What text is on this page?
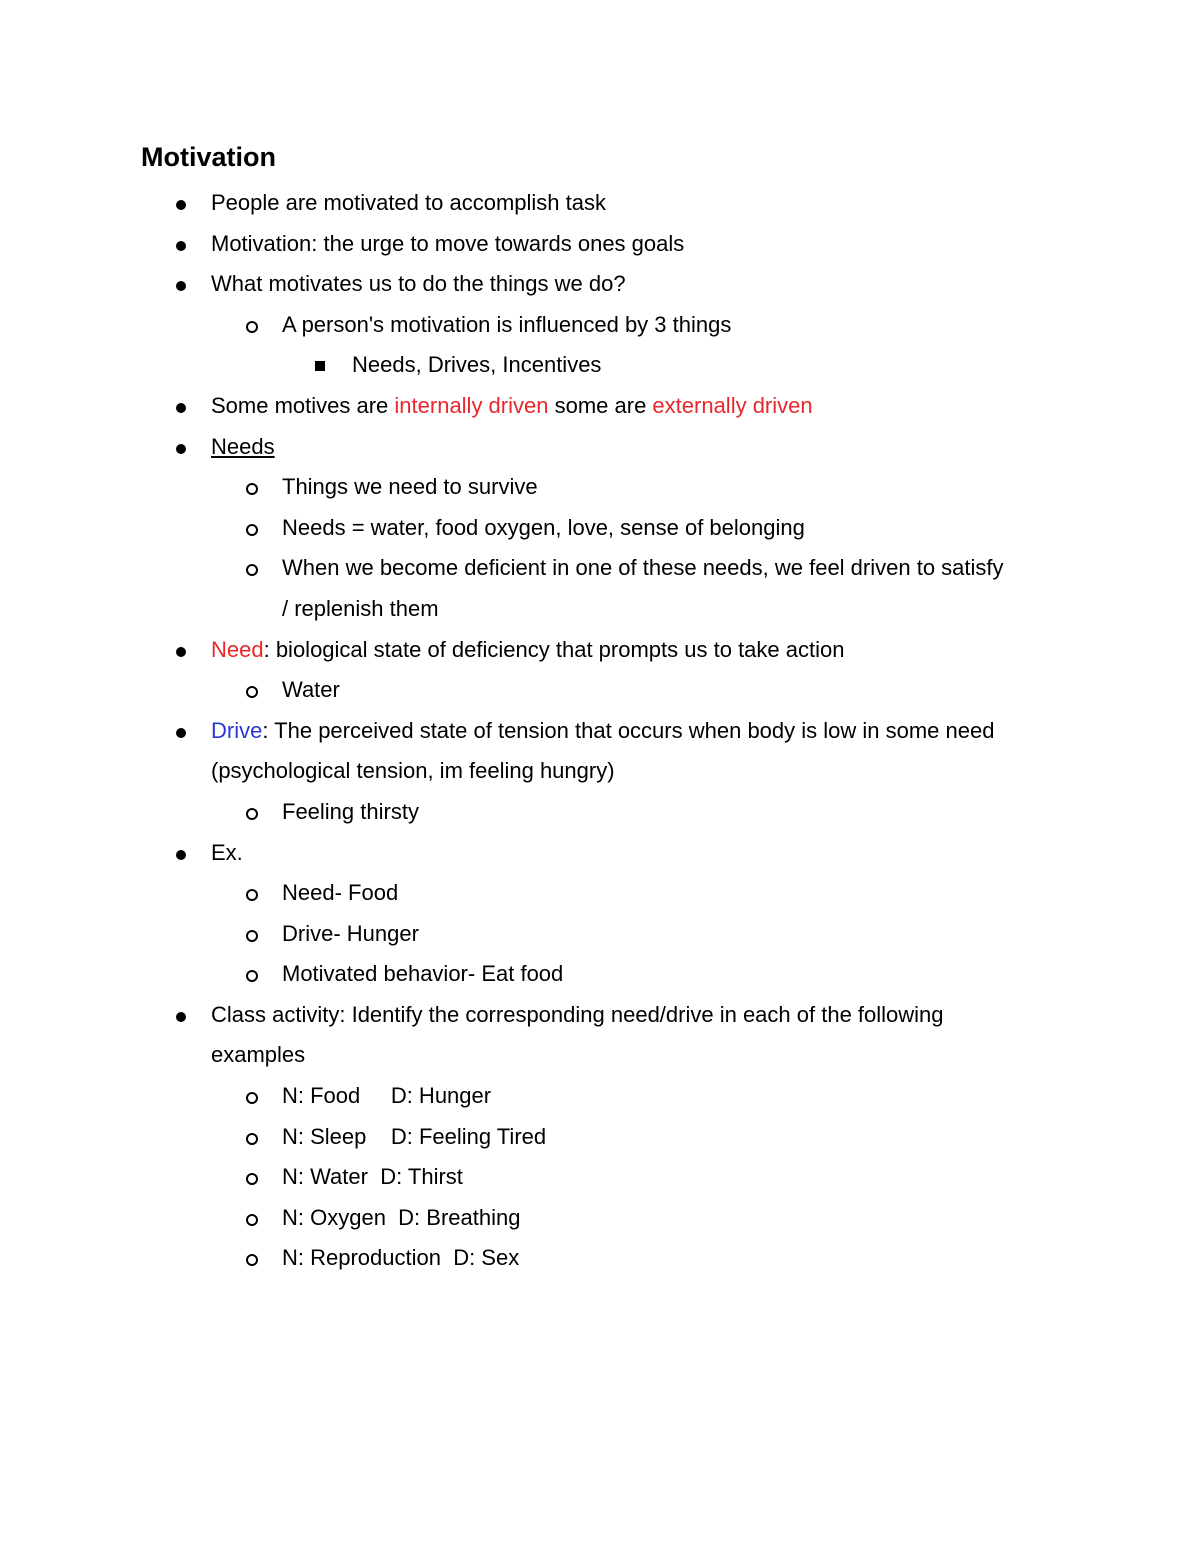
Motivation
People are motivated to accomplish task
Motivation: the urge to move towards ones goals
What motivates us to do the things we do?
A person's motivation is influenced by 3 things
Needs, Drives, Incentives
Some motives are internally driven some are externally driven
Needs
Things we need to survive
Needs = water, food oxygen, love, sense of belonging
When we become deficient in one of these needs, we feel driven to satisfy
/ replenish them
Need: biological state of deficiency that prompts us to take action
Water
Drive: The perceived state of tension that occurs when body is low in some need
(psychological tension, im feeling hungry)
Feeling thirsty
Ex.
Need- Food
Drive- Hunger
Motivated behavior- Eat food
Class activity: Identify the corresponding need/drive in each of the following
examples
N: Food     D: Hunger
N: Sleep    D: Feeling Tired
N: Water  D: Thirst
N: Oxygen  D: Breathing
N: Reproduction  D: Sex
